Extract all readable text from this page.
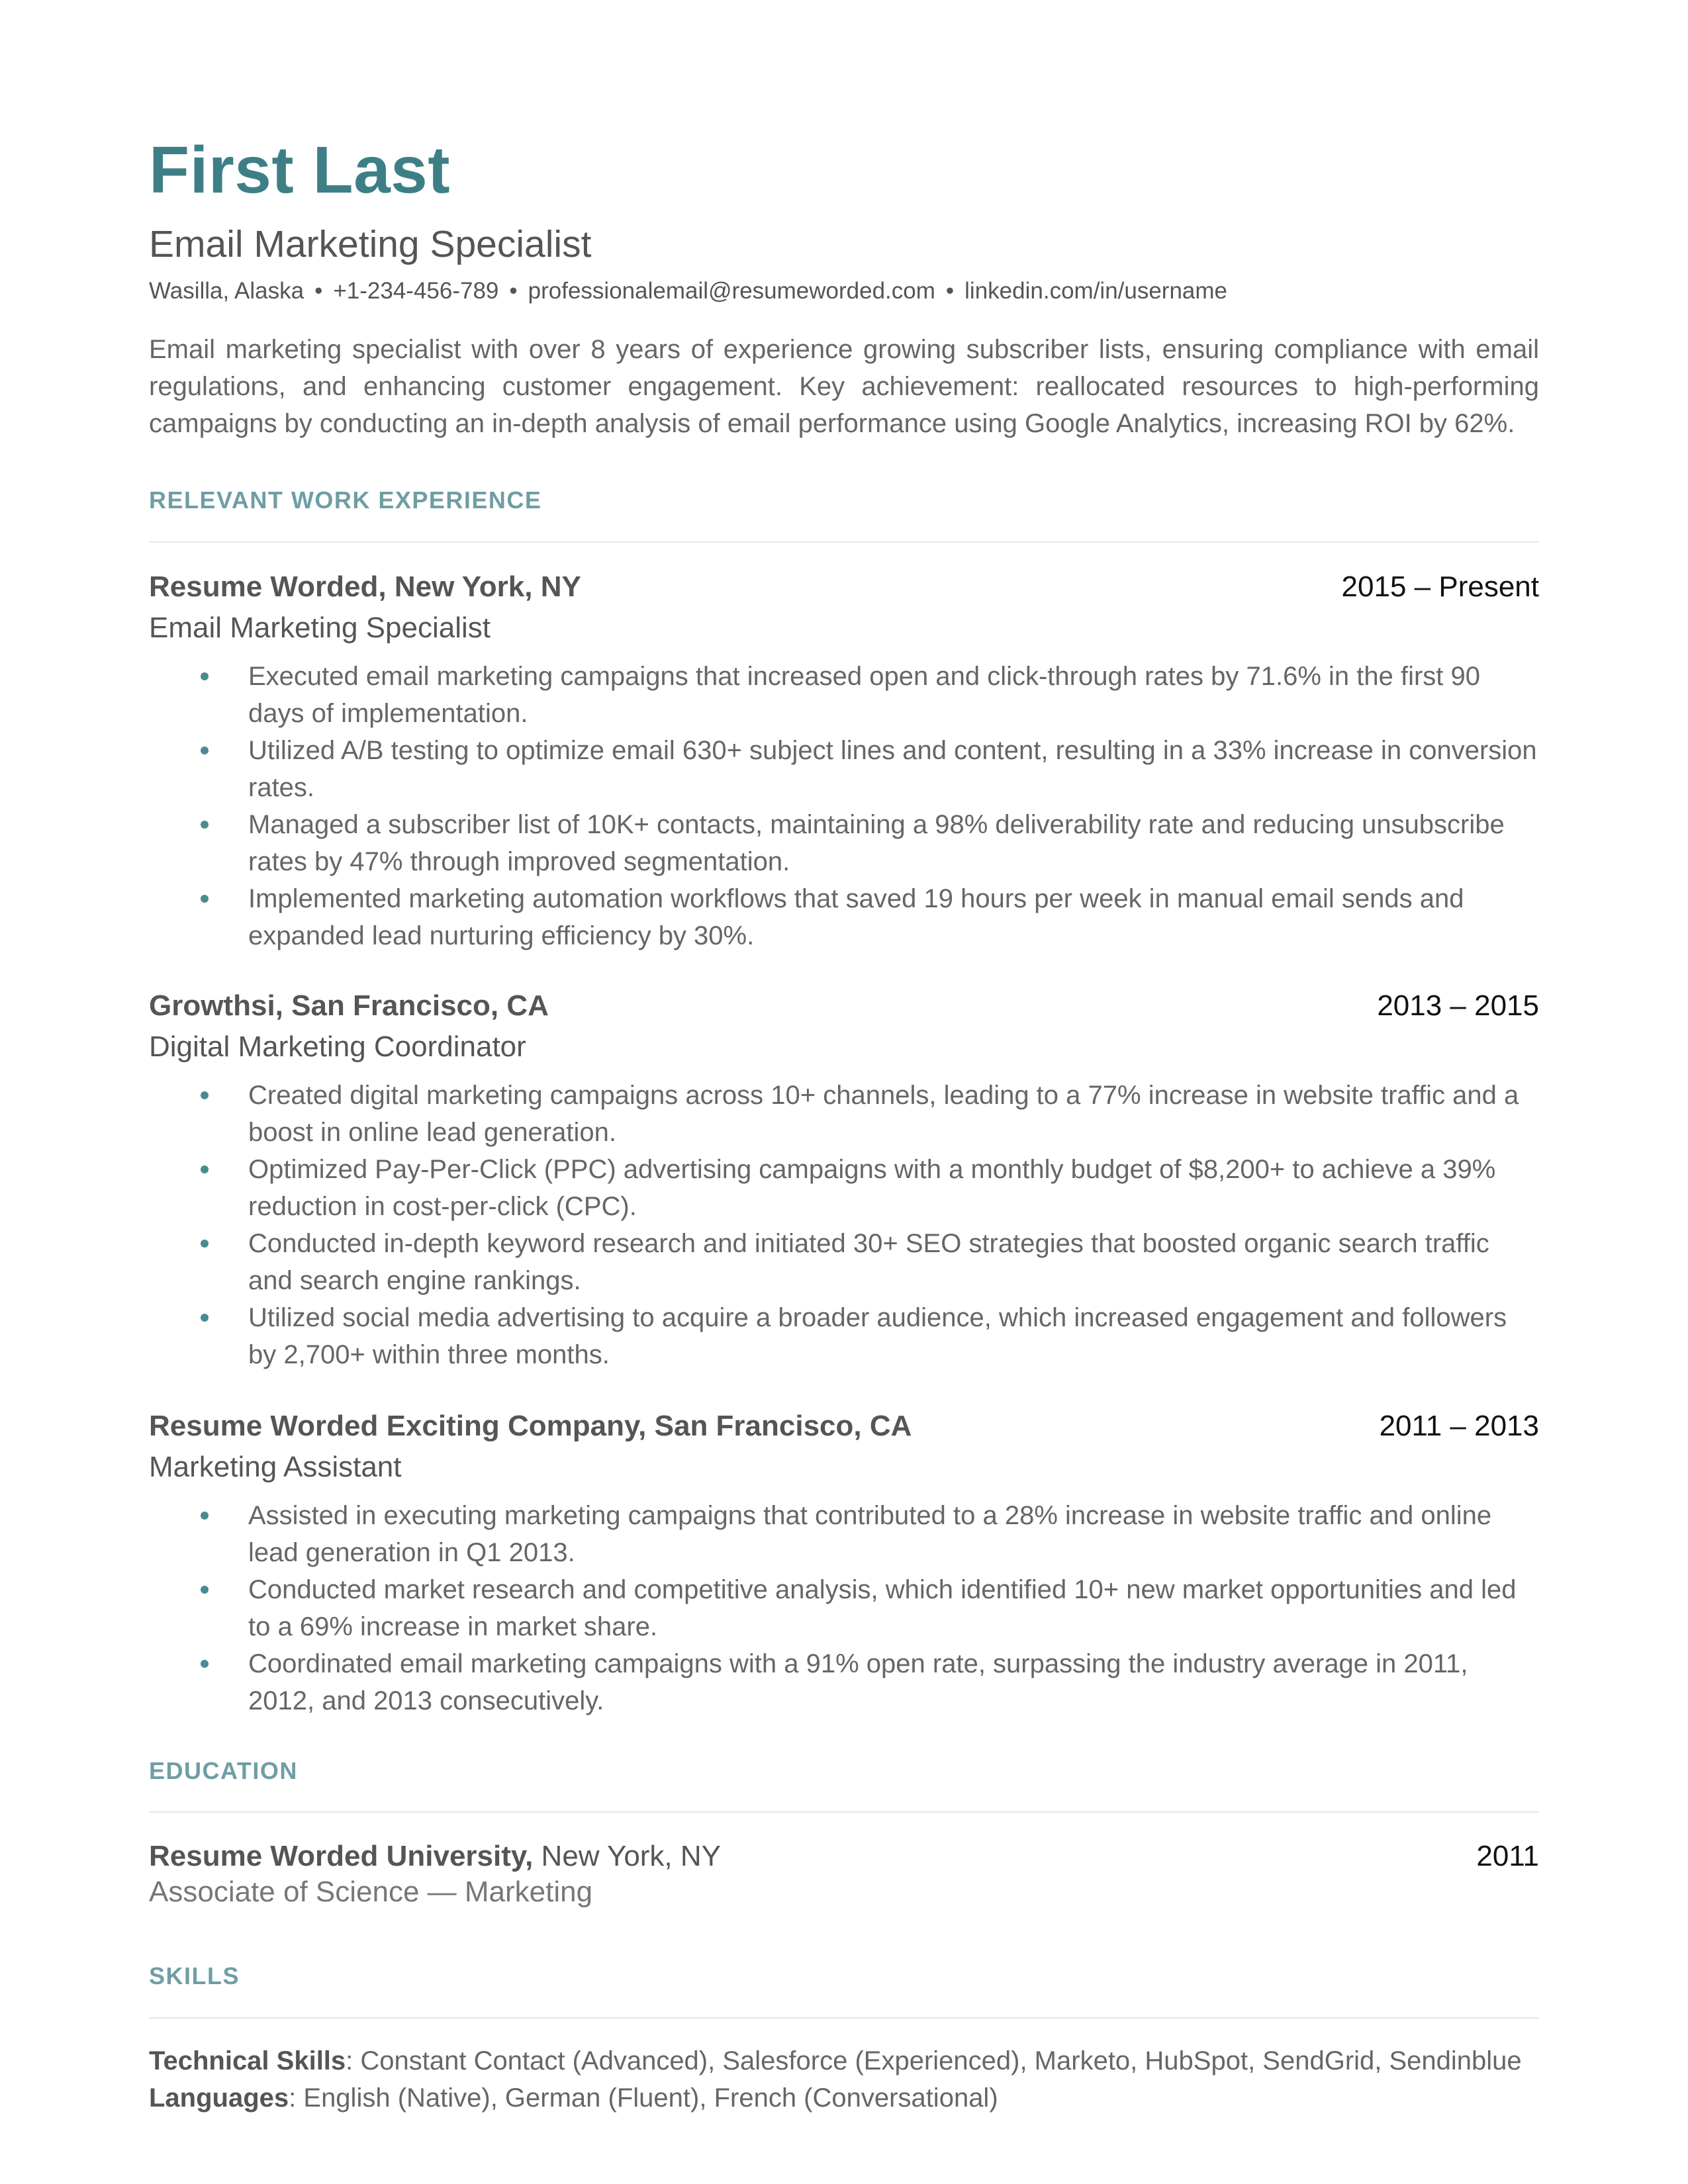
First Last
Email Marketing Specialist
Wasilla, Alaska • +1-234-456-789 • professionalemail@resumeworded.com • linkedin.com/in/username
Email marketing specialist with over 8 years of experience growing subscriber lists, ensuring compliance with email regulations, and enhancing customer engagement. Key achievement: reallocated resources to high-performing campaigns by conducting an in-depth analysis of email performance using Google Analytics, increasing ROI by 62%.
RELEVANT WORK EXPERIENCE
Resume Worded, New York, NY	2015 – Present
Email Marketing Specialist
Executed email marketing campaigns that increased open and click-through rates by 71.6% in the first 90 days of implementation.
Utilized A/B testing to optimize email 630+ subject lines and content, resulting in a 33% increase in conversion rates.
Managed a subscriber list of 10K+ contacts, maintaining a 98% deliverability rate and reducing unsubscribe rates by 47% through improved segmentation.
Implemented marketing automation workflows that saved 19 hours per week in manual email sends and expanded lead nurturing efficiency by 30%.
Growthsi, San Francisco, CA	2013 – 2015
Digital Marketing Coordinator
Created digital marketing campaigns across 10+ channels, leading to a 77% increase in website traffic and a boost in online lead generation.
Optimized Pay-Per-Click (PPC) advertising campaigns with a monthly budget of $8,200+ to achieve a 39% reduction in cost-per-click (CPC).
Conducted in-depth keyword research and initiated 30+ SEO strategies that boosted organic search traffic and search engine rankings.
Utilized social media advertising to acquire a broader audience, which increased engagement and followers by 2,700+ within three months.
Resume Worded Exciting Company, San Francisco, CA	2011 – 2013
Marketing Assistant
Assisted in executing marketing campaigns that contributed to a 28% increase in website traffic and online lead generation in Q1 2013.
Conducted market research and competitive analysis, which identified 10+ new market opportunities and led to a 69% increase in market share.
Coordinated email marketing campaigns with a 91% open rate, surpassing the industry average in 2011, 2012, and 2013 consecutively.
EDUCATION
Resume Worded University, New York, NY	2011
Associate of Science — Marketing
SKILLS
Technical Skills: Constant Contact (Advanced), Salesforce (Experienced), Marketo, HubSpot, SendGrid, Sendinblue
Languages: English (Native), German (Fluent), French (Conversational)
